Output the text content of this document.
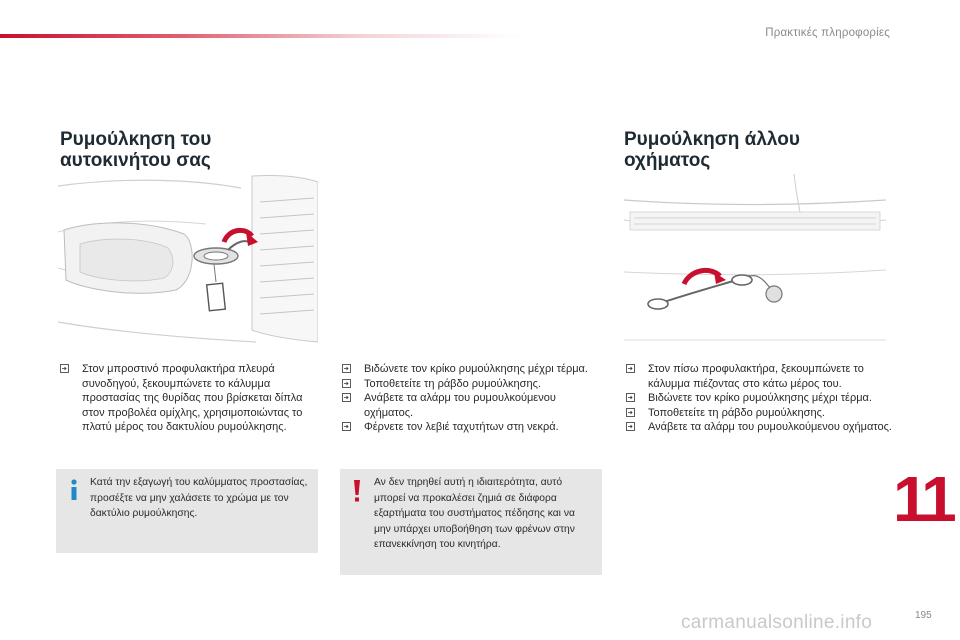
Πρακτικές πληροφορίες
Ρυμούλκηση του
αυτοκινήτου σας
Στον μπροστινό προφυλακτήρα πλευρά συνοδηγού, ξεκουμπώνετε το κάλυμμα προστασίας της θυρίδας που βρίσκεται δίπλα στον προβολέα ομίχλης, χρησιμοποιώντας το πλατύ μέρος του δακτυλίου ρυμούλκησης.
Κατά την εξαγωγή του καλύμματος προστασίας, προσέξτε να μην χαλάσετε το χρώμα με τον δακτύλιο ρυμούλκησης.
Βιδώνετε τον κρίκο ρυμούλκησης μέχρι τέρμα.
Τοποθετείτε τη ράβδο ρυμούλκησης.
Ανάβετε τα αλάρμ του ρυμουλκούμενου οχήματος.
Φέρνετε τον λεβιέ ταχυτήτων στη νεκρά.
Αν δεν τηρηθεί αυτή η ιδιαιτερότητα, αυτό μπορεί να προκαλέσει ζημιά σε διάφορα εξαρτήματα του συστήματος πέδησης και να μην υπάρχει υποβοήθηση των φρένων στην επανεκκίνηση του κινητήρα.
Ρυμούλκηση άλλου
οχήματος
Στον πίσω προφυλακτήρα, ξεκουμπώνετε το κάλυμμα πιέζοντας στο κάτω μέρος του.
Βιδώνετε τον κρίκο ρυμούλκησης μέχρι τέρμα.
Τοποθετείτε τη ράβδο ρυμούλκησης.
Ανάβετε τα αλάρμ του ρυμουλκούμενου οχήματος.
11
carmanualsonline.info	195
